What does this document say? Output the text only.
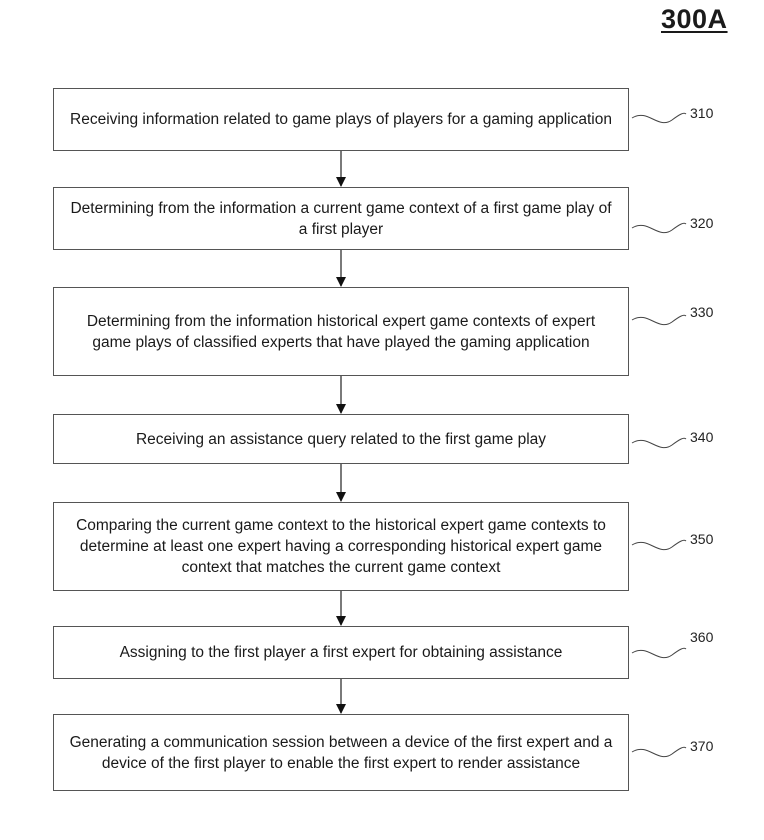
300A
Receiving information related to game plays of players for a gaming application
Determining from the information a current game context of a first game play of a first player
Determining from the information historical expert game contexts of expert game plays of classified experts that have played the gaming application
Receiving an assistance query related to the first game play
Comparing the current game context to the historical expert game contexts to determine at least one expert having a corresponding historical expert game context that matches the current game context
Assigning to the first player a first expert for obtaining assistance
Generating a communication session between a device of the first expert and a device of the first player to enable the first expert to render assistance
310
320
330
340
350
360
370
